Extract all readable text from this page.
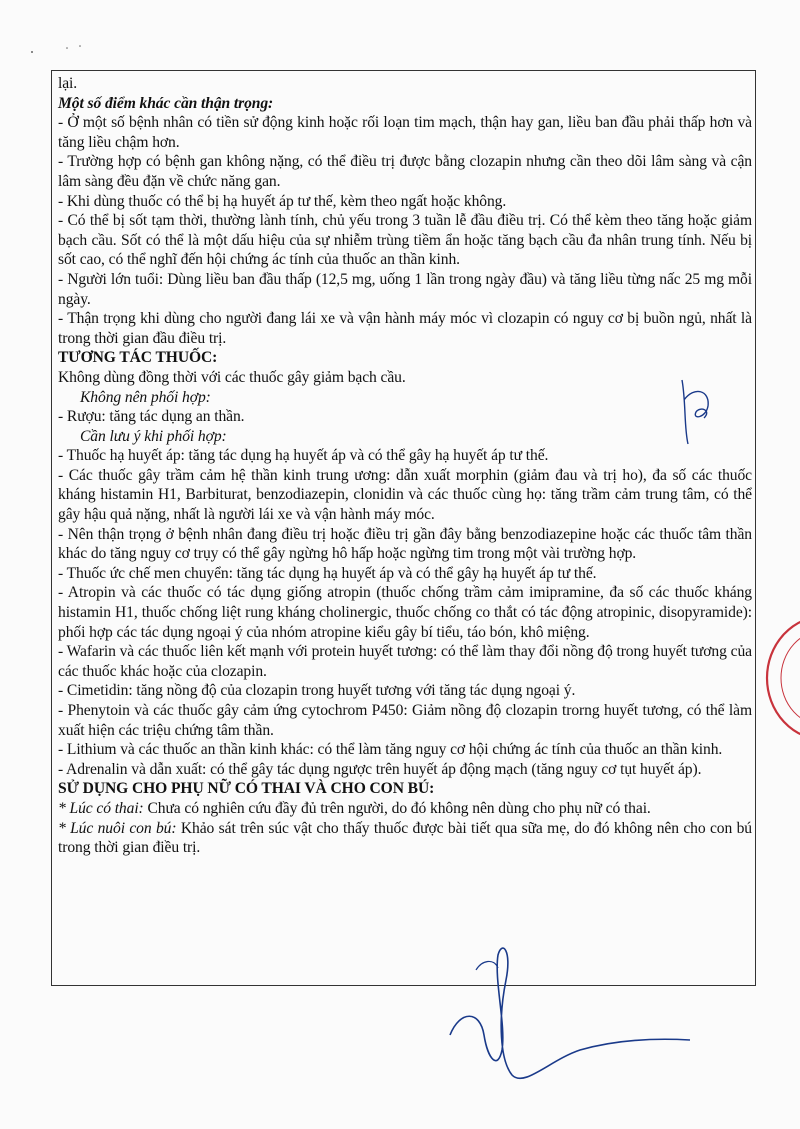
lại.

Một số điểm khác cần thận trọng:

- Ở một số bệnh nhân có tiền sử động kinh hoặc rối loạn tim mạch, thận hay gan, liều ban đầu phải thấp hơn và tăng liều chậm hơn.

- Trường hợp có bệnh gan không nặng, có thể điều trị được bằng clozapin nhưng cần theo dõi lâm sàng và cận lâm sàng đều đặn về chức năng gan.

- Khi dùng thuốc có thể bị hạ huyết áp tư thế, kèm theo ngất hoặc không.

- Có thể bị sốt tạm thời, thường lành tính, chủ yếu trong 3 tuần lễ đầu điều trị. Có thể kèm theo tăng hoặc giảm bạch cầu. Sốt có thể là một dấu hiệu của sự nhiễm trùng tiềm ẩn hoặc tăng bạch cầu đa nhân trung tính. Nếu bị sốt cao, có thể nghĩ đến hội chứng ác tính của thuốc an thần kinh.

- Người lớn tuổi: Dùng liều ban đầu thấp (12,5 mg, uống 1 lần trong ngày đầu) và tăng liều từng nấc 25 mg mỗi ngày.

- Thận trọng khi dùng cho người đang lái xe và vận hành máy móc vì clozapin có nguy cơ bị buồn ngủ, nhất là trong thời gian đầu điều trị.

TƯƠNG TÁC THUỐC:

Không dùng đồng thời với các thuốc gây giảm bạch cầu.

Không nên phối hợp:

- Rượu: tăng tác dụng an thần.

Cần lưu ý khi phối hợp:

- Thuốc hạ huyết áp: tăng tác dụng hạ huyết áp và có thể gây hạ huyết áp tư thế.

- Các thuốc gây trầm cảm hệ thần kinh trung ương: dẫn xuất morphin (giảm đau và trị ho), đa số các thuốc kháng histamin H1, Barbiturat, benzodiazepin, clonidin và các thuốc cùng họ: tăng trầm cảm trung tâm, có thể gây hậu quả nặng, nhất là người lái xe và vận hành máy móc.

- Nên thận trọng ở bệnh nhân đang điều trị hoặc điều trị gần đây bằng benzodiazepine hoặc các thuốc tâm thần khác do tăng nguy cơ trụy có thể gây ngừng hô hấp hoặc ngừng tim trong một vài trường hợp.

- Thuốc ức chế men chuyển: tăng tác dụng hạ huyết áp và có thể gây hạ huyết áp tư thế.

- Atropin và các thuốc có tác dụng giống atropin (thuốc chống trầm cảm imipramine, đa số các thuốc kháng histamin H1, thuốc chống liệt rung kháng cholinergic, thuốc chống co thắt có tác động atropinic, disopyramide): phối hợp các tác dụng ngoại ý của nhóm atropine kiểu gây bí tiểu, táo bón, khô miệng.

- Wafarin và các thuốc liên kết mạnh với protein huyết tương: có thể làm thay đổi nồng độ trong huyết tương của các thuốc khác hoặc của clozapin.

- Cimetidin: tăng nồng độ của clozapin trong huyết tương với tăng tác dụng ngoại ý.

- Phenytoin và các thuốc gây cảm ứng cytochrom P450: Giảm nồng độ clozapin trorng huyết tương, có thể làm xuất hiện các triệu chứng tâm thần.

- Lithium và các thuốc an thần kinh khác: có thể làm tăng nguy cơ hội chứng ác tính của thuốc an thần kinh.

- Adrenalin và dẫn xuất: có thể gây tác dụng ngược trên huyết áp động mạch (tăng nguy cơ tụt huyết áp).

SỬ DỤNG CHO PHỤ NỮ CÓ THAI VÀ CHO CON BÚ:

* Lúc có thai: Chưa có nghiên cứu đầy đủ trên người, do đó không nên dùng cho phụ nữ có thai.

* Lúc nuôi con bú: Khảo sát trên súc vật cho thấy thuốc được bài tiết qua sữa mẹ, do đó không nên cho con bú trong thời gian điều trị.
